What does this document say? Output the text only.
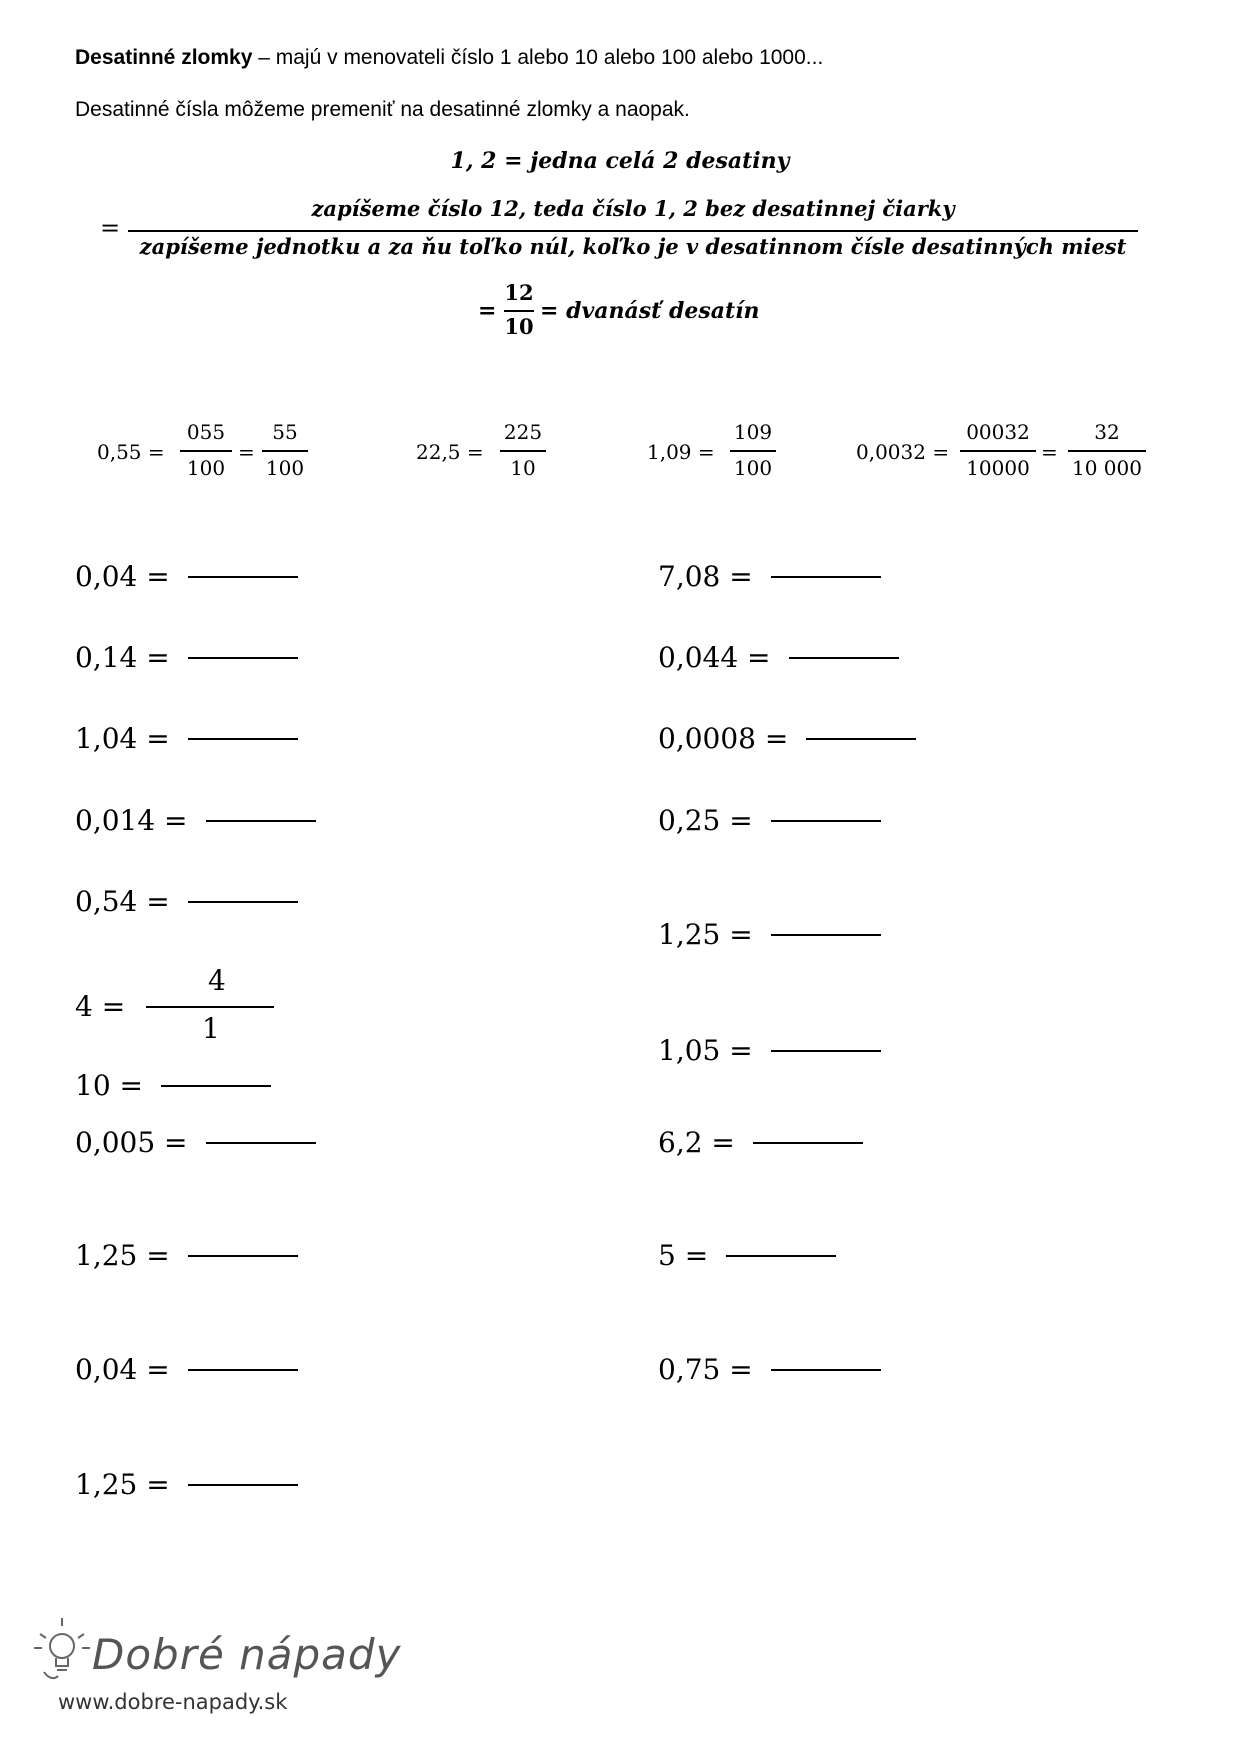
Desatinné zlomky – majú v menovateli číslo 1 alebo 10 alebo 100 alebo 1000...
Desatinné čísla môžeme premeniť na desatinné zlomky a naopak.
1, 2 = jedna celá 2 desatiny
=
zapíšeme číslo 12, teda číslo 1, 2 bez desatinnej čiarky
zapíšeme jednotku a za ňu toľko núl, koľko je v desatinnom čísle desatinných miest
=
12
10
= dvanásť desatín
0,55 =
055
100
=
55
100
22,5 =
225
10
1,09 =
109
100
0,0032 =
00032
10000
=
32
10 000
0,04 =
0,14 =
1,04 =
0,014 =
0,54 =
4 =
4
1
10 =
0,005 =
1,25 =
0,04 =
1,25 =
7,08 =
0,044 =
0,0008 =
0,25 =
1,25 =
1,05 =
6,2 =
5 =
0,75 =
Dobré nápady
www.dobre-napady.sk
